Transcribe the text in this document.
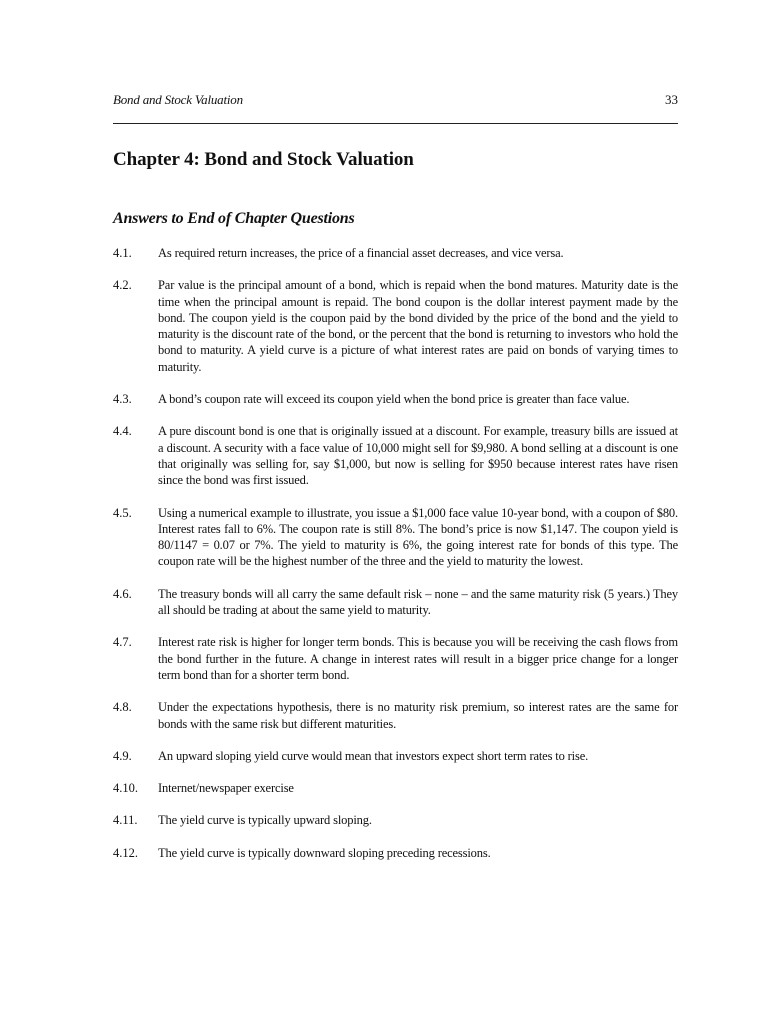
Bond and Stock Valuation	33
Chapter 4: Bond and Stock Valuation
Answers to End of Chapter Questions
4.1.	As required return increases, the price of a financial asset decreases, and vice versa.
4.2.	Par value is the principal amount of a bond, which is repaid when the bond matures. Maturity date is the time when the principal amount is repaid. The bond coupon is the dollar interest payment made by the bond. The coupon yield is the coupon paid by the bond divided by the price of the bond and the yield to maturity is the discount rate of the bond, or the percent that the bond is returning to investors who hold the bond to maturity. A yield curve is a picture of what interest rates are paid on bonds of varying times to maturity.
4.3.	A bond’s coupon rate will exceed its coupon yield when the bond price is greater than face value.
4.4.	A pure discount bond is one that is originally issued at a discount. For example, treasury bills are issued at a discount. A security with a face value of 10,000 might sell for $9,980. A bond selling at a discount is one that originally was selling for, say $1,000, but now is selling for $950 because interest rates have risen since the bond was first issued.
4.5.	Using a numerical example to illustrate, you issue a $1,000 face value 10-year bond, with a coupon of $80. Interest rates fall to 6%. The coupon rate is still 8%. The bond’s price is now $1,147. The coupon yield is 80/1147 = 0.07 or 7%. The yield to maturity is 6%, the going interest rate for bonds of this type. The coupon rate will be the highest number of the three and the yield to maturity the lowest.
4.6.	The treasury bonds will all carry the same default risk – none – and the same maturity risk (5 years.) They all should be trading at about the same yield to maturity.
4.7.	Interest rate risk is higher for longer term bonds. This is because you will be receiving the cash flows from the bond further in the future. A change in interest rates will result in a bigger price change for a longer term bond than for a shorter term bond.
4.8.	Under the expectations hypothesis, there is no maturity risk premium, so interest rates are the same for bonds with the same risk but different maturities.
4.9.	An upward sloping yield curve would mean that investors expect short term rates to rise.
4.10.	Internet/newspaper exercise
4.11.	The yield curve is typically upward sloping.
4.12.	The yield curve is typically downward sloping preceding recessions.
